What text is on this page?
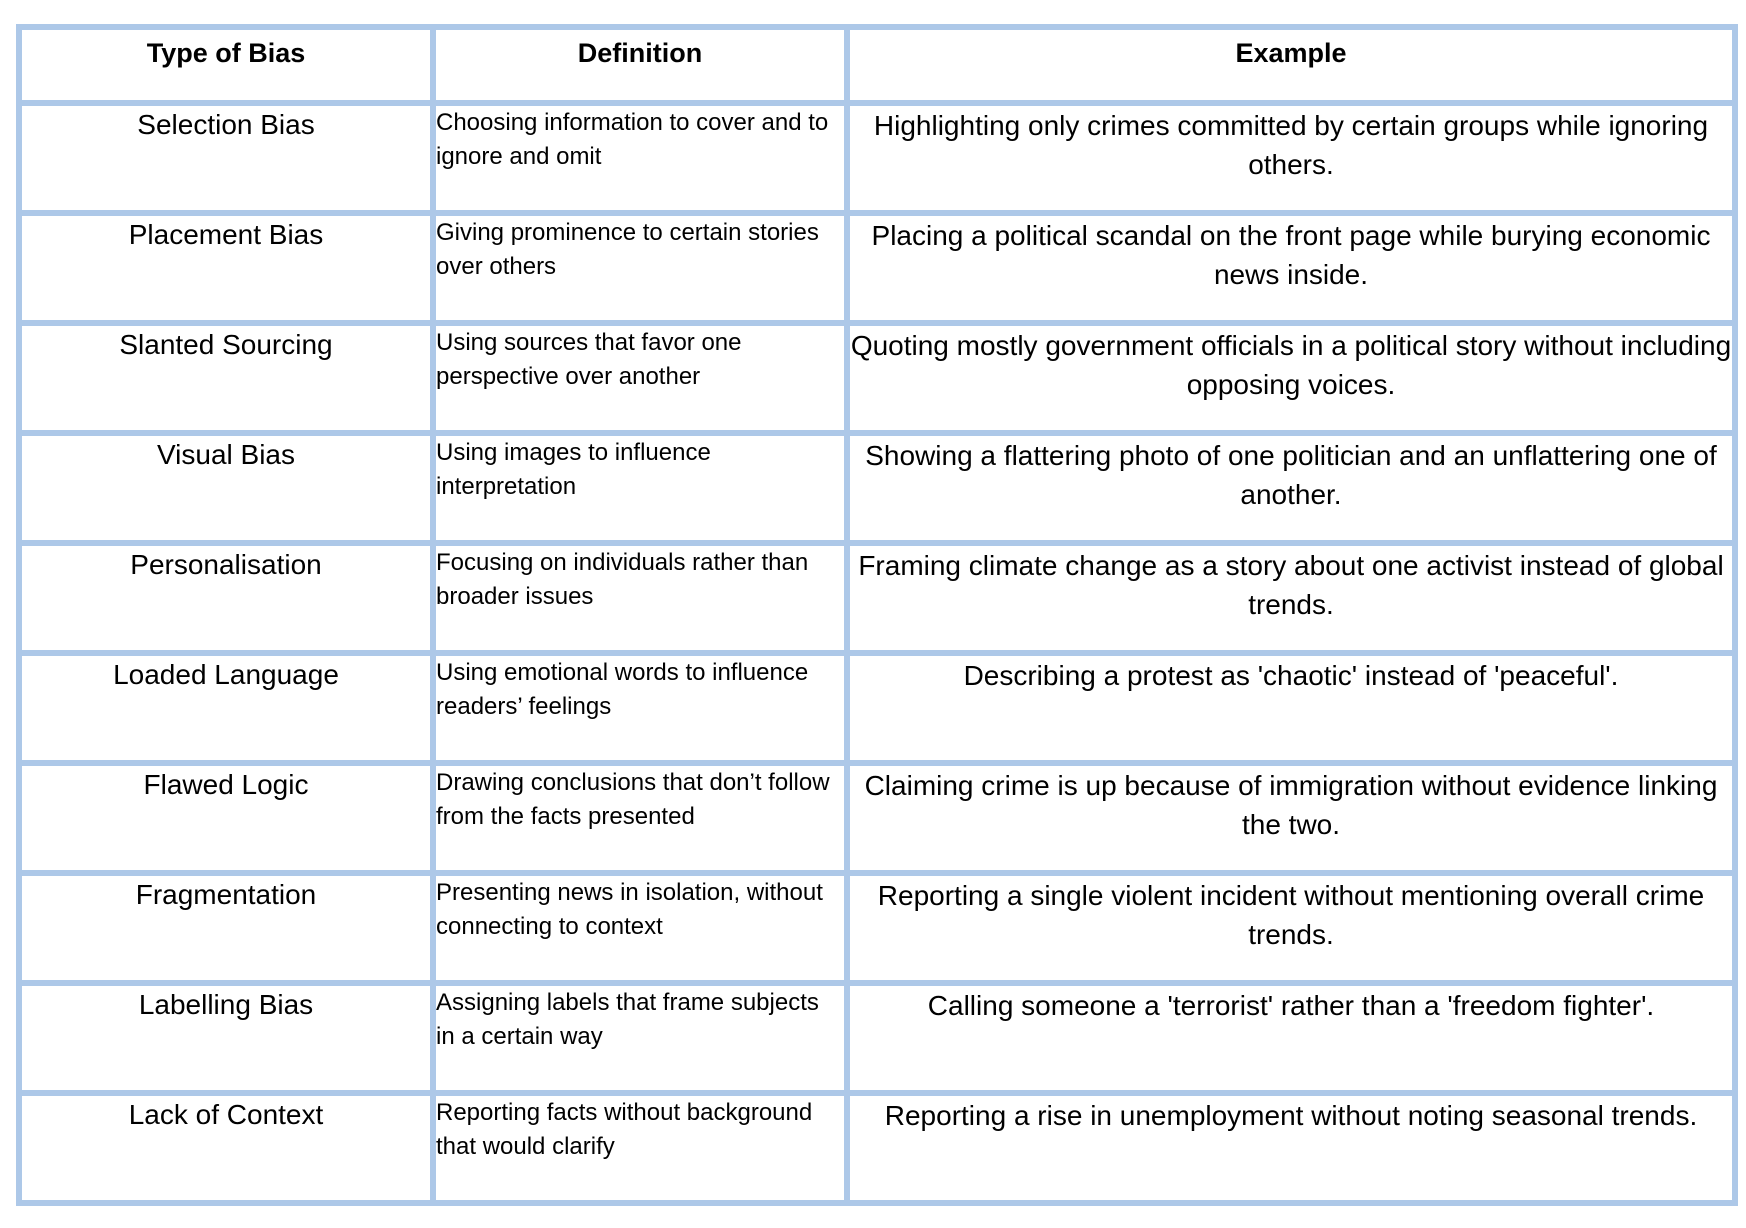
Type of Bias	Definition	Example
Selection Bias	Choosing information to cover and to ignore and omit	Highlighting only crimes committed by certain groups while ignoring others.
Placement Bias	Giving prominence to certain stories over others	Placing a political scandal on the front page while burying economic news inside.
Slanted Sourcing	Using sources that favor one perspective over another	Quoting mostly government officials in a political story without including opposing voices.
Visual Bias	Using images to influence interpretation	Showing a flattering photo of one politician and an unflattering one of another.
Personalisation	Focusing on individuals rather than broader issues	Framing climate change as a story about one activist instead of global trends.
Loaded Language	Using emotional words to influence readers’ feelings	Describing a protest as 'chaotic' instead of 'peaceful'.
Flawed Logic	Drawing conclusions that don’t follow from the facts presented	Claiming crime is up because of immigration without evidence linking the two.
Fragmentation	Presenting news in isolation, without connecting to context	Reporting a single violent incident without mentioning overall crime trends.
Labelling Bias	Assigning labels that frame subjects in a certain way	Calling someone a 'terrorist' rather than a 'freedom fighter'.
Lack of Context	Reporting facts without background that would clarify	Reporting a rise in unemployment without noting seasonal trends.
